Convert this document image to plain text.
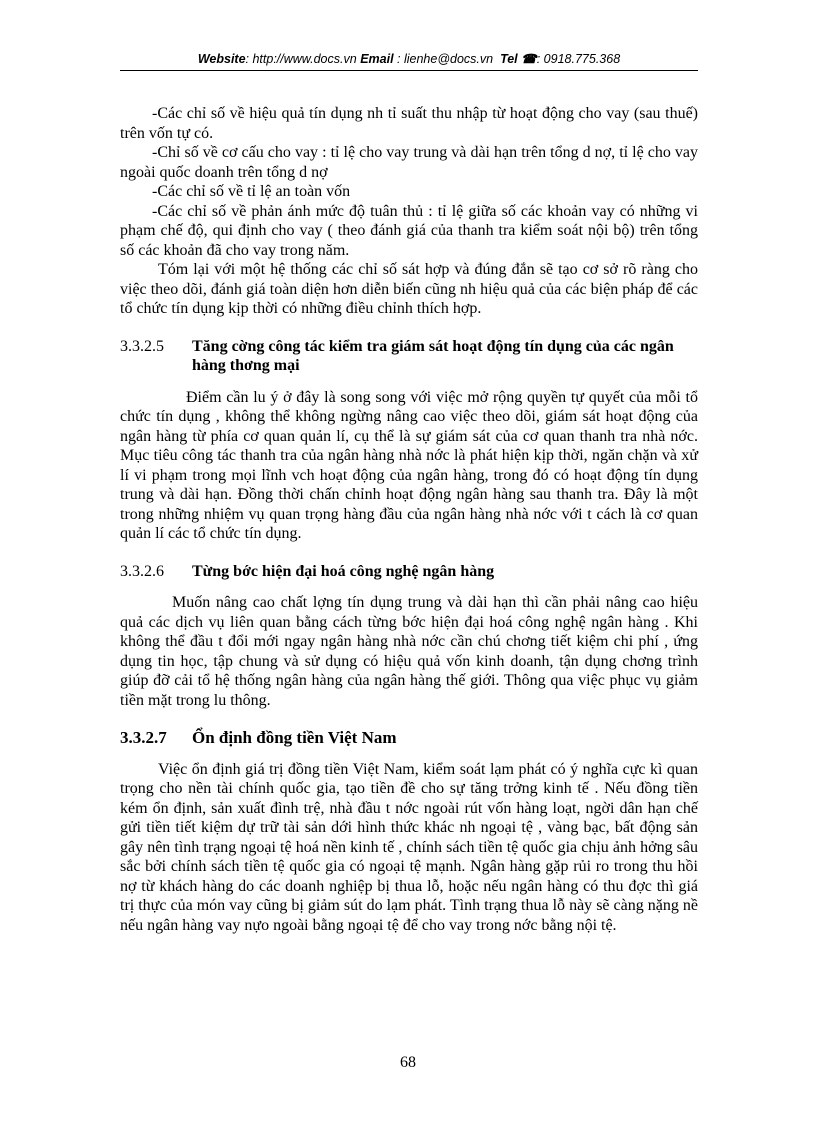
Website: http://www.docs.vn Email : lienhe@docs.vn Tel ☎: 0918.775.368

-Các chỉ số về hiệu quả tín dụng nh tỉ suất thu nhập từ hoạt động cho vay (sau thuế) trên vốn tự có.

-Chỉ số về cơ cấu cho vay : tỉ lệ cho vay trung và dài hạn trên tổng d nợ, tỉ lệ cho vay ngoài quốc doanh trên tổng d nợ

-Các chỉ số về tỉ lệ an toàn vốn

-Các chỉ số về phản ánh mức độ tuân thủ : tỉ lệ giữa số các khoản vay có những vi phạm chế độ, qui định cho vay ( theo đánh giá của thanh tra kiểm soát nội bộ) trên tổng số các khoản đã cho vay trong năm.

Tóm lại với một hệ thống các chỉ số sát hợp và đúng đắn sẽ tạo cơ sở rõ ràng cho việc theo dõi, đánh giá toàn diện hơn diễn biến cũng nh hiệu quả của các biện pháp để các tổ chức tín dụng kịp thời có những điều chỉnh thích hợp.

3.3.2.5	Tăng cờng công tác kiểm tra giám sát hoạt động tín dụng của các ngân hàng thơng mại

Điểm cần lu ý ở đây là song song với việc mở rộng quyền tự quyết của mỗi tổ chức tín dụng , không thể không ngừng nâng cao việc theo dõi, giám sát hoạt động của ngân hàng từ phía cơ quan quản lí, cụ thể là sự giám sát của cơ quan thanh tra nhà nớc. Mục tiêu công tác thanh tra của ngân hàng nhà nớc là phát hiện kịp thời, ngăn chặn và xử lí vi phạm trong mọi lĩnh vch hoạt động của ngân hàng, trong đó có hoạt động tín dụng trung và dài hạn. Đồng thời chấn chỉnh hoạt động ngân hàng sau thanh tra. Đây là một trong những nhiệm vụ quan trọng hàng đầu của ngân hàng nhà nớc với t cách là cơ quan quản lí các tổ chức tín dụng.

3.3.2.6	Từng bớc hiện đại hoá công nghệ ngân hàng

Muốn nâng cao chất lợng tín dụng trung và dài hạn thì cần phải nâng cao hiệu quả các dịch vụ liên quan bằng cách từng bớc hiện đại hoá công nghệ ngân hàng . Khi không thể đầu t đổi mới ngay ngân hàng nhà nớc cần chú chơng tiết kiệm chi phí , ứng dụng tin học, tập chung và sử dụng có hiệu quả vốn kinh doanh, tận dụng chơng trình giúp đỡ cải tổ hệ thống ngân hàng của ngân hàng thế giới. Thông qua việc phục vụ giảm tiền mặt trong lu thông.

3.3.2.7	Ổn định đồng tiền Việt Nam

Việc ổn định giá trị đồng tiền Việt Nam, kiểm soát lạm phát có ý nghĩa cực kì quan trọng cho nền tài chính quốc gia, tạo tiền đề cho sự tăng trởng kinh tế . Nếu đồng tiền kém ổn định, sản xuất đình trệ, nhà đầu t nớc ngoài rút vốn hàng loạt, ngời dân hạn chế gửi tiền tiết kiệm dự trữ tài sản dới hình thức khác nh ngoại tệ , vàng bạc, bất động sản gây nên tình trạng ngoại tệ hoá nền kinh tế , chính sách tiền tệ quốc gia chịu ảnh hởng sâu sắc bởi chính sách tiền tệ quốc gia có ngoại tệ mạnh. Ngân hàng gặp rủi ro trong thu hồi nợ từ khách hàng do các doanh nghiệp bị thua lỗ, hoặc nếu ngân hàng có thu đợc thì giá trị thực của món vay cũng bị giảm sút do lạm phát. Tình trạng thua lỗ này sẽ càng nặng nề nếu ngân hàng vay nựo ngoài bằng ngoại tệ để cho vay trong nớc bằng nội tệ.

68
